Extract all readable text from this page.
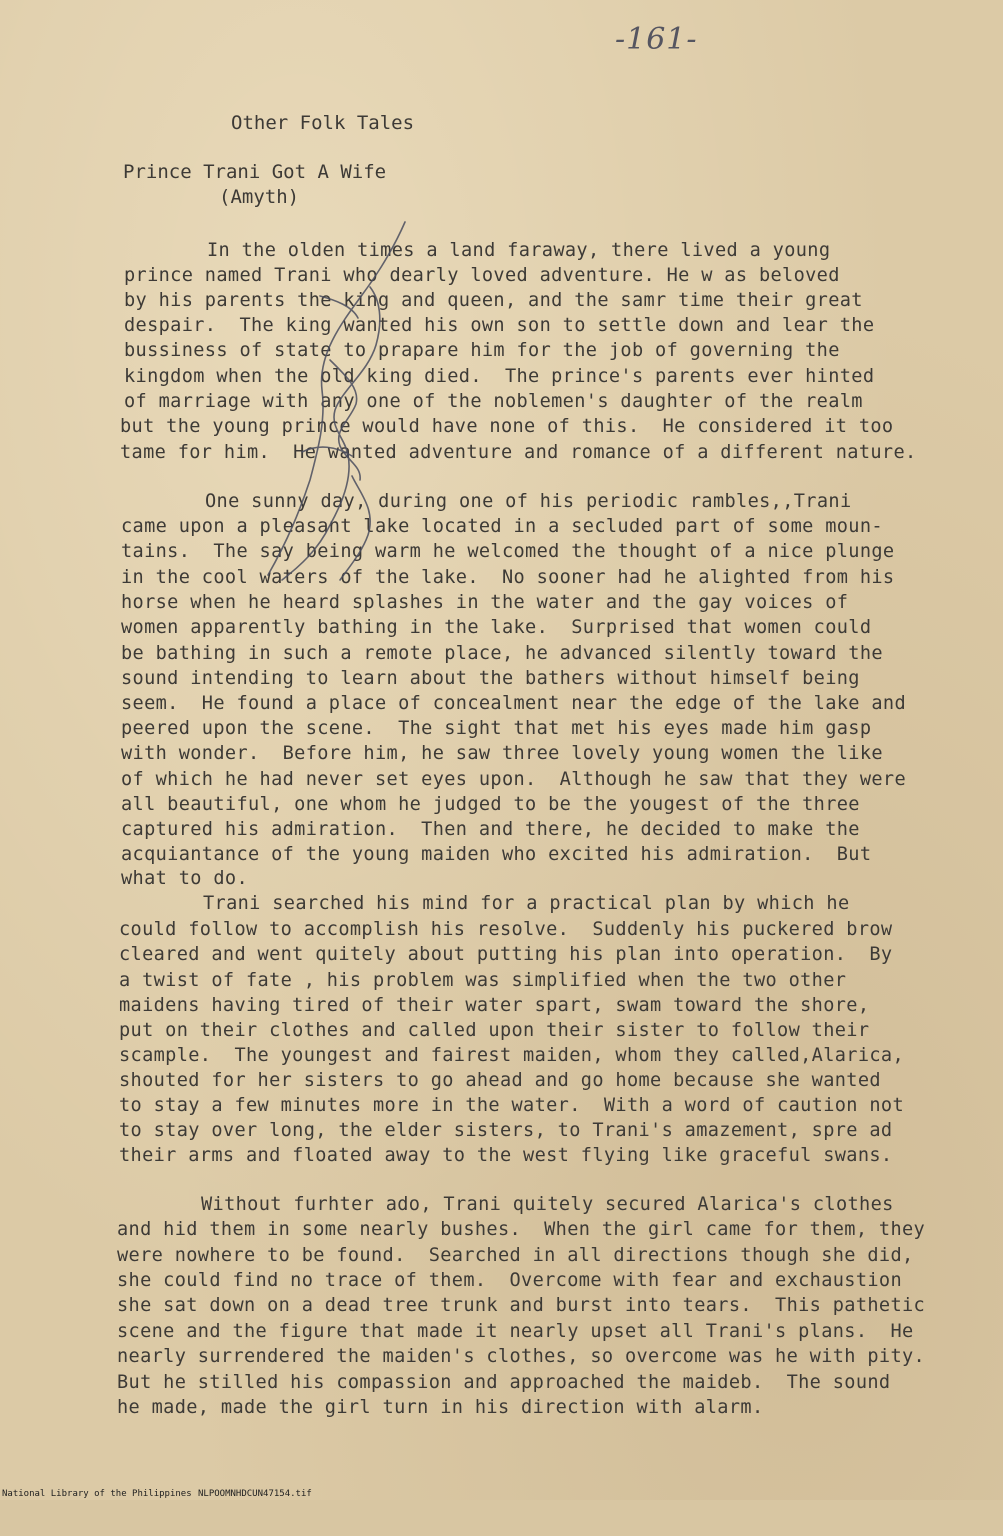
-161-
Other Folk Tales
Prince Trani Got A Wife
(Amyth)
In the olden times a land faraway, there lived a young
prince named Trani who dearly loved adventure. He w as beloved
by his parents the king and queen, and the samr time their great
despair.  The king wanted his own son to settle down and lear the
bussiness of state to prapare him for the job of governing the
kingdom when the old king died.  The prince's parents ever hinted
of marriage with any one of the noblemen's daughter of the realm
but the young prince would have none of this.  He considered it too
tame for him.  He wanted adventure and romance of a different nature.
One sunny day, during one of his periodic rambles,,Trani
came upon a pleasant lake located in a secluded part of some moun-
tains.  The say being warm he welcomed the thought of a nice plunge
in the cool waters of the lake.  No sooner had he alighted from his
horse when he heard splashes in the water and the gay voices of
women apparently bathing in the lake.  Surprised that women could
be bathing in such a remote place, he advanced silently toward the
sound intending to learn about the bathers without himself being
seem.  He found a place of concealment near the edge of the lake and
peered upon the scene.  The sight that met his eyes made him gasp
with wonder.  Before him, he saw three lovely young women the like
of which he had never set eyes upon.  Although he saw that they were
all beautiful, one whom he judged to be the yougest of the three
captured his admiration.  Then and there, he decided to make the
acquiantance of the young maiden who excited his admiration.  But
what to do.
Trani searched his mind for a practical plan by which he
could follow to accomplish his resolve.  Suddenly his puckered brow
cleared and went quitely about putting his plan into operation.  By
a twist of fate , his problem was simplified when the two other
maidens having tired of their water spart, swam toward the shore,
put on their clothes and called upon their sister to follow their
scample.  The youngest and fairest maiden, whom they called,Alarica,
shouted for her sisters to go ahead and go home because she wanted
to stay a few minutes more in the water.  With a word of caution not
to stay over long, the elder sisters, to Trani's amazement, spre ad
their arms and floated away to the west flying like graceful swans.
Without furhter ado, Trani quitely secured Alarica's clothes
and hid them in some nearly bushes.  When the girl came for them, they
were nowhere to be found.  Searched in all directions though she did,
she could find no trace of them.  Overcome with fear and exchaustion
she sat down on a dead tree trunk and burst into tears.  This pathetic
scene and the figure that made it nearly upset all Trani's plans.  He
nearly surrendered the maiden's clothes, so overcome was he with pity.
But he stilled his compassion and approached the maideb.  The sound
he made, made the girl turn in his direction with alarm.

National Library of the Philippines

NLPOOMNHDCUN47154.tif
